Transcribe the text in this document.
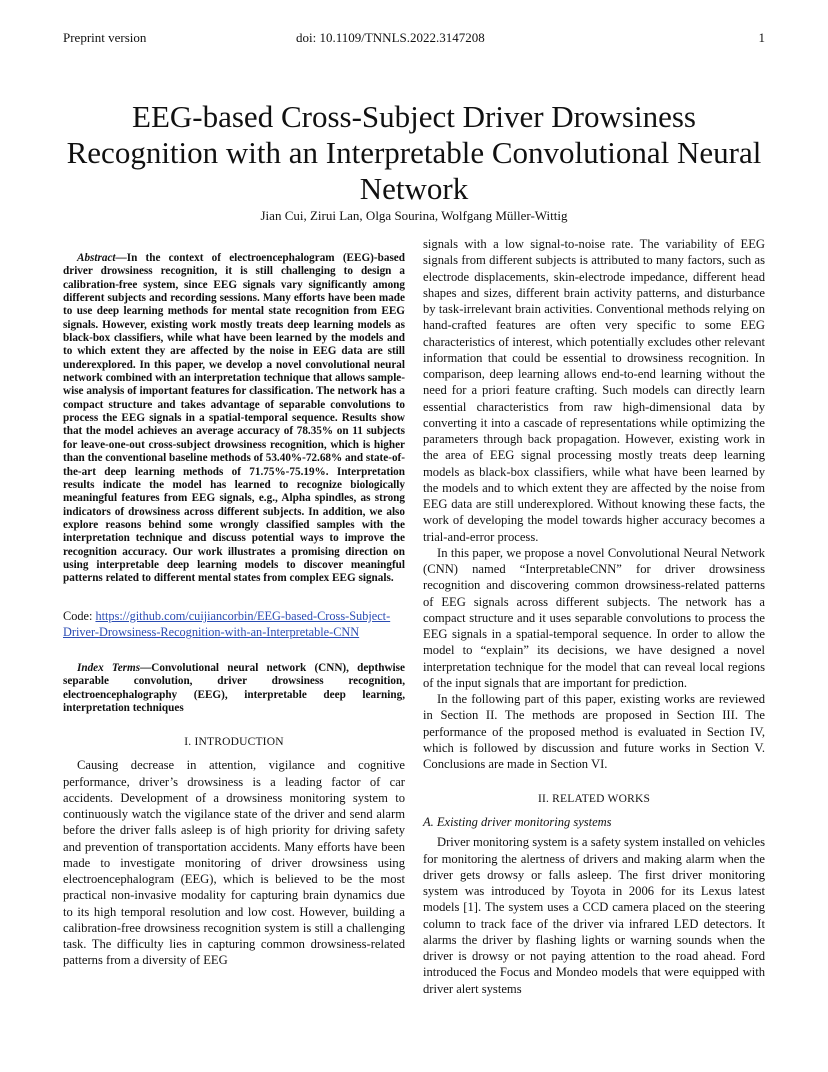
Preprint version	doi: 10.1109/TNNLS.2022.3147208	1
EEG-based Cross-Subject Driver Drowsiness Recognition with an Interpretable Convolutional Neural Network
Jian Cui, Zirui Lan, Olga Sourina, Wolfgang Müller-Wittig

Abstract—In the context of electroencephalogram (EEG)-based driver drowsiness recognition, it is still challenging to design a calibration-free system, since EEG signals vary significantly among different subjects and recording sessions. Many efforts have been made to use deep learning methods for mental state recognition from EEG signals. However, existing work mostly treats deep learning models as black-box classifiers, while what have been learned by the models and to which extent they are affected by the noise in EEG data are still underexplored. In this paper, we develop a novel convolutional neural network combined with an interpretation technique that allows sample-wise analysis of important features for classification. The network has a compact structure and takes advantage of separable convolutions to process the EEG signals in a spatial-temporal sequence. Results show that the model achieves an average accuracy of 78.35% on 11 subjects for leave-one-out cross-subject drowsiness recognition, which is higher than the conventional baseline methods of 53.40%-72.68% and state-of-the-art deep learning methods of 71.75%-75.19%. Interpretation results indicate the model has learned to recognize biologically meaningful features from EEG signals, e.g., Alpha spindles, as strong indicators of drowsiness across different subjects. In addition, we also explore reasons behind some wrongly classified samples with the interpretation technique and discuss potential ways to improve the recognition accuracy. Our work illustrates a promising direction on using interpretable deep learning models to discover meaningful patterns related to different mental states from complex EEG signals.

Code: https://github.com/cuijiancorbin/EEG-based-Cross-Subject-Driver-Drowsiness-Recognition-with-an-Interpretable-CNN

Index Terms—Convolutional neural network (CNN), depthwise separable convolution, driver drowsiness recognition, electroencephalography (EEG), interpretable deep learning, interpretation techniques

I. INTRODUCTION

Causing decrease in attention, vigilance and cognitive performance, driver’s drowsiness is a leading factor of car accidents. Development of a drowsiness monitoring system to continuously watch the vigilance state of the driver and send alarm before the driver falls asleep is of high priority for driving safety and prevention of transportation accidents. Many efforts have been made to investigate monitoring of driver drowsiness using electroencephalogram (EEG), which is believed to be the most practical non-invasive modality for capturing brain dynamics due to its high temporal resolution and low cost. However, building a calibration-free drowsiness recognition system is still a challenging task. The difficulty lies in capturing common drowsiness-related patterns from a diversity of EEG

signals with a low signal-to-noise rate. The variability of EEG signals from different subjects is attributed to many factors, such as electrode displacements, skin-electrode impedance, different head shapes and sizes, different brain activity patterns, and disturbance by task-irrelevant brain activities. Conventional methods relying on hand-crafted features are often very specific to some EEG characteristics of interest, which potentially excludes other relevant information that could be essential to drowsiness recognition. In comparison, deep learning allows end-to-end learning without the need for a priori feature crafting. Such models can directly learn essential characteristics from raw high-dimensional data by converting it into a cascade of representations while optimizing the parameters through back propagation. However, existing work in the area of EEG signal processing mostly treats deep learning models as black-box classifiers, while what have been learned by the models and to which extent they are affected by the noise from EEG data are still underexplored. Without knowing these facts, the work of developing the model towards higher accuracy becomes a trial-and-error process.

In this paper, we propose a novel Convolutional Neural Network (CNN) named “InterpretableCNN” for driver drowsiness recognition and discovering common drowsiness-related patterns of EEG signals across different subjects. The network has a compact structure and it uses separable convolutions to process the EEG signals in a spatial-temporal sequence. In order to allow the model to “explain” its decisions, we have designed a novel interpretation technique for the model that can reveal local regions of the input signals that are important for prediction.

In the following part of this paper, existing works are reviewed in Section II. The methods are proposed in Section III. The performance of the proposed method is evaluated in Section IV, which is followed by discussion and future works in Section V. Conclusions are made in Section VI.

II. RELATED WORKS
A. Existing driver monitoring systems

Driver monitoring system is a safety system installed on vehicles for monitoring the alertness of drivers and making alarm when the driver gets drowsy or falls asleep. The first driver monitoring system was introduced by Toyota in 2006 for its Lexus latest models [1]. The system uses a CCD camera placed on the steering column to track face of the driver via infrared LED detectors. It alarms the driver by flashing lights or warning sounds when the driver is drowsy or not paying attention to the road ahead. Ford introduced the Focus and Mondeo models that were equipped with driver alert systems
